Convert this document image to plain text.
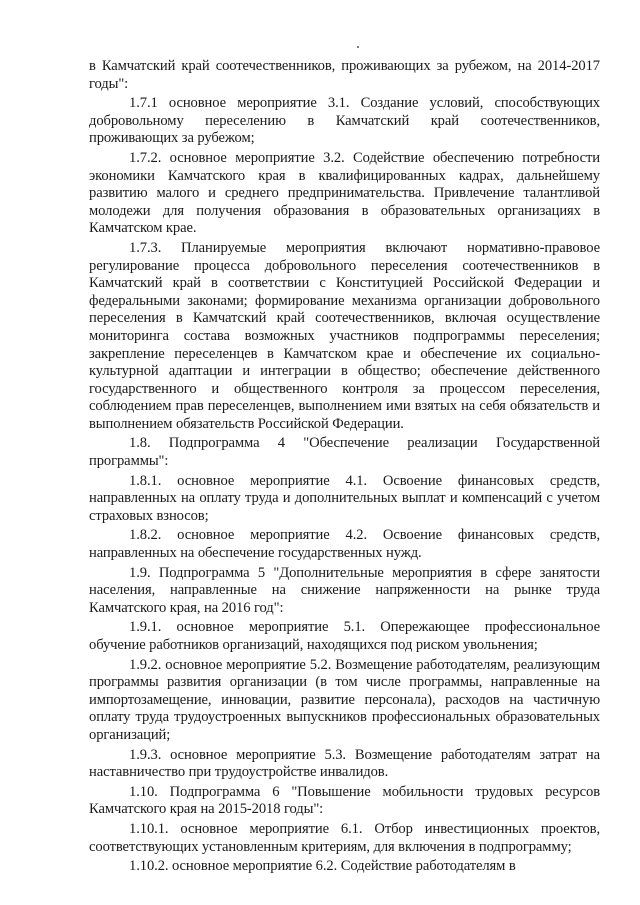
в Камчатский край соотечественников, проживающих за рубежом, на 2014-2017 годы":

1.7.1 основное мероприятие 3.1. Создание условий, способствующих добровольному переселению в Камчатский край соотечественников, проживающих за рубежом;

1.7.2. основное мероприятие 3.2. Содействие обеспечению потребности экономики Камчатского края в квалифицированных кадрах, дальнейшему развитию малого и среднего предпринимательства. Привлечение талантливой молодежи для получения образования в образовательных организациях в Камчатском крае.

1.7.3. Планируемые мероприятия включают нормативно-правовое регулирование процесса добровольного переселения соотечественников в Камчатский край в соответствии с Конституцией Российской Федерации и федеральными законами; формирование механизма организации добровольного переселения в Камчатский край соотечественников, включая осуществление мониторинга состава возможных участников подпрограммы переселения; закрепление переселенцев в Камчатском крае и обеспечение их социально-культурной адаптации и интеграции в общество; обеспечение действенного государственного и общественного контроля за процессом переселения, соблюдением прав переселенцев, выполнением ими взятых на себя обязательств и выполнением обязательств Российской Федерации.

1.8. Подпрограмма 4 "Обеспечение реализации Государственной программы":

1.8.1. основное мероприятие 4.1. Освоение финансовых средств, направленных на оплату труда и дополнительных выплат и компенсаций с учетом страховых взносов;

1.8.2. основное мероприятие 4.2. Освоение финансовых средств, направленных на обеспечение государственных нужд.

1.9. Подпрограмма 5 "Дополнительные мероприятия в сфере занятости населения, направленные на снижение напряженности на рынке труда Камчатского края, на 2016 год":

1.9.1. основное мероприятие 5.1. Опережающее профессиональное обучение работников организаций, находящихся под риском увольнения;

1.9.2. основное мероприятие 5.2. Возмещение работодателям, реализующим программы развития организации (в том числе программы, направленные на импортозамещение, инновации, развитие персонала), расходов на частичную оплату труда трудоустроенных выпускников профессиональных образовательных организаций;

1.9.3. основное мероприятие 5.3. Возмещение работодателям затрат на наставничество при трудоустройстве инвалидов.

1.10. Подпрограмма 6 "Повышение мобильности трудовых ресурсов Камчатского края на 2015-2018 годы":

1.10.1. основное мероприятие 6.1. Отбор инвестиционных проектов, соответствующих установленным критериям, для включения в подпрограмму;

1.10.2. основное мероприятие 6.2. Содействие работодателям в
